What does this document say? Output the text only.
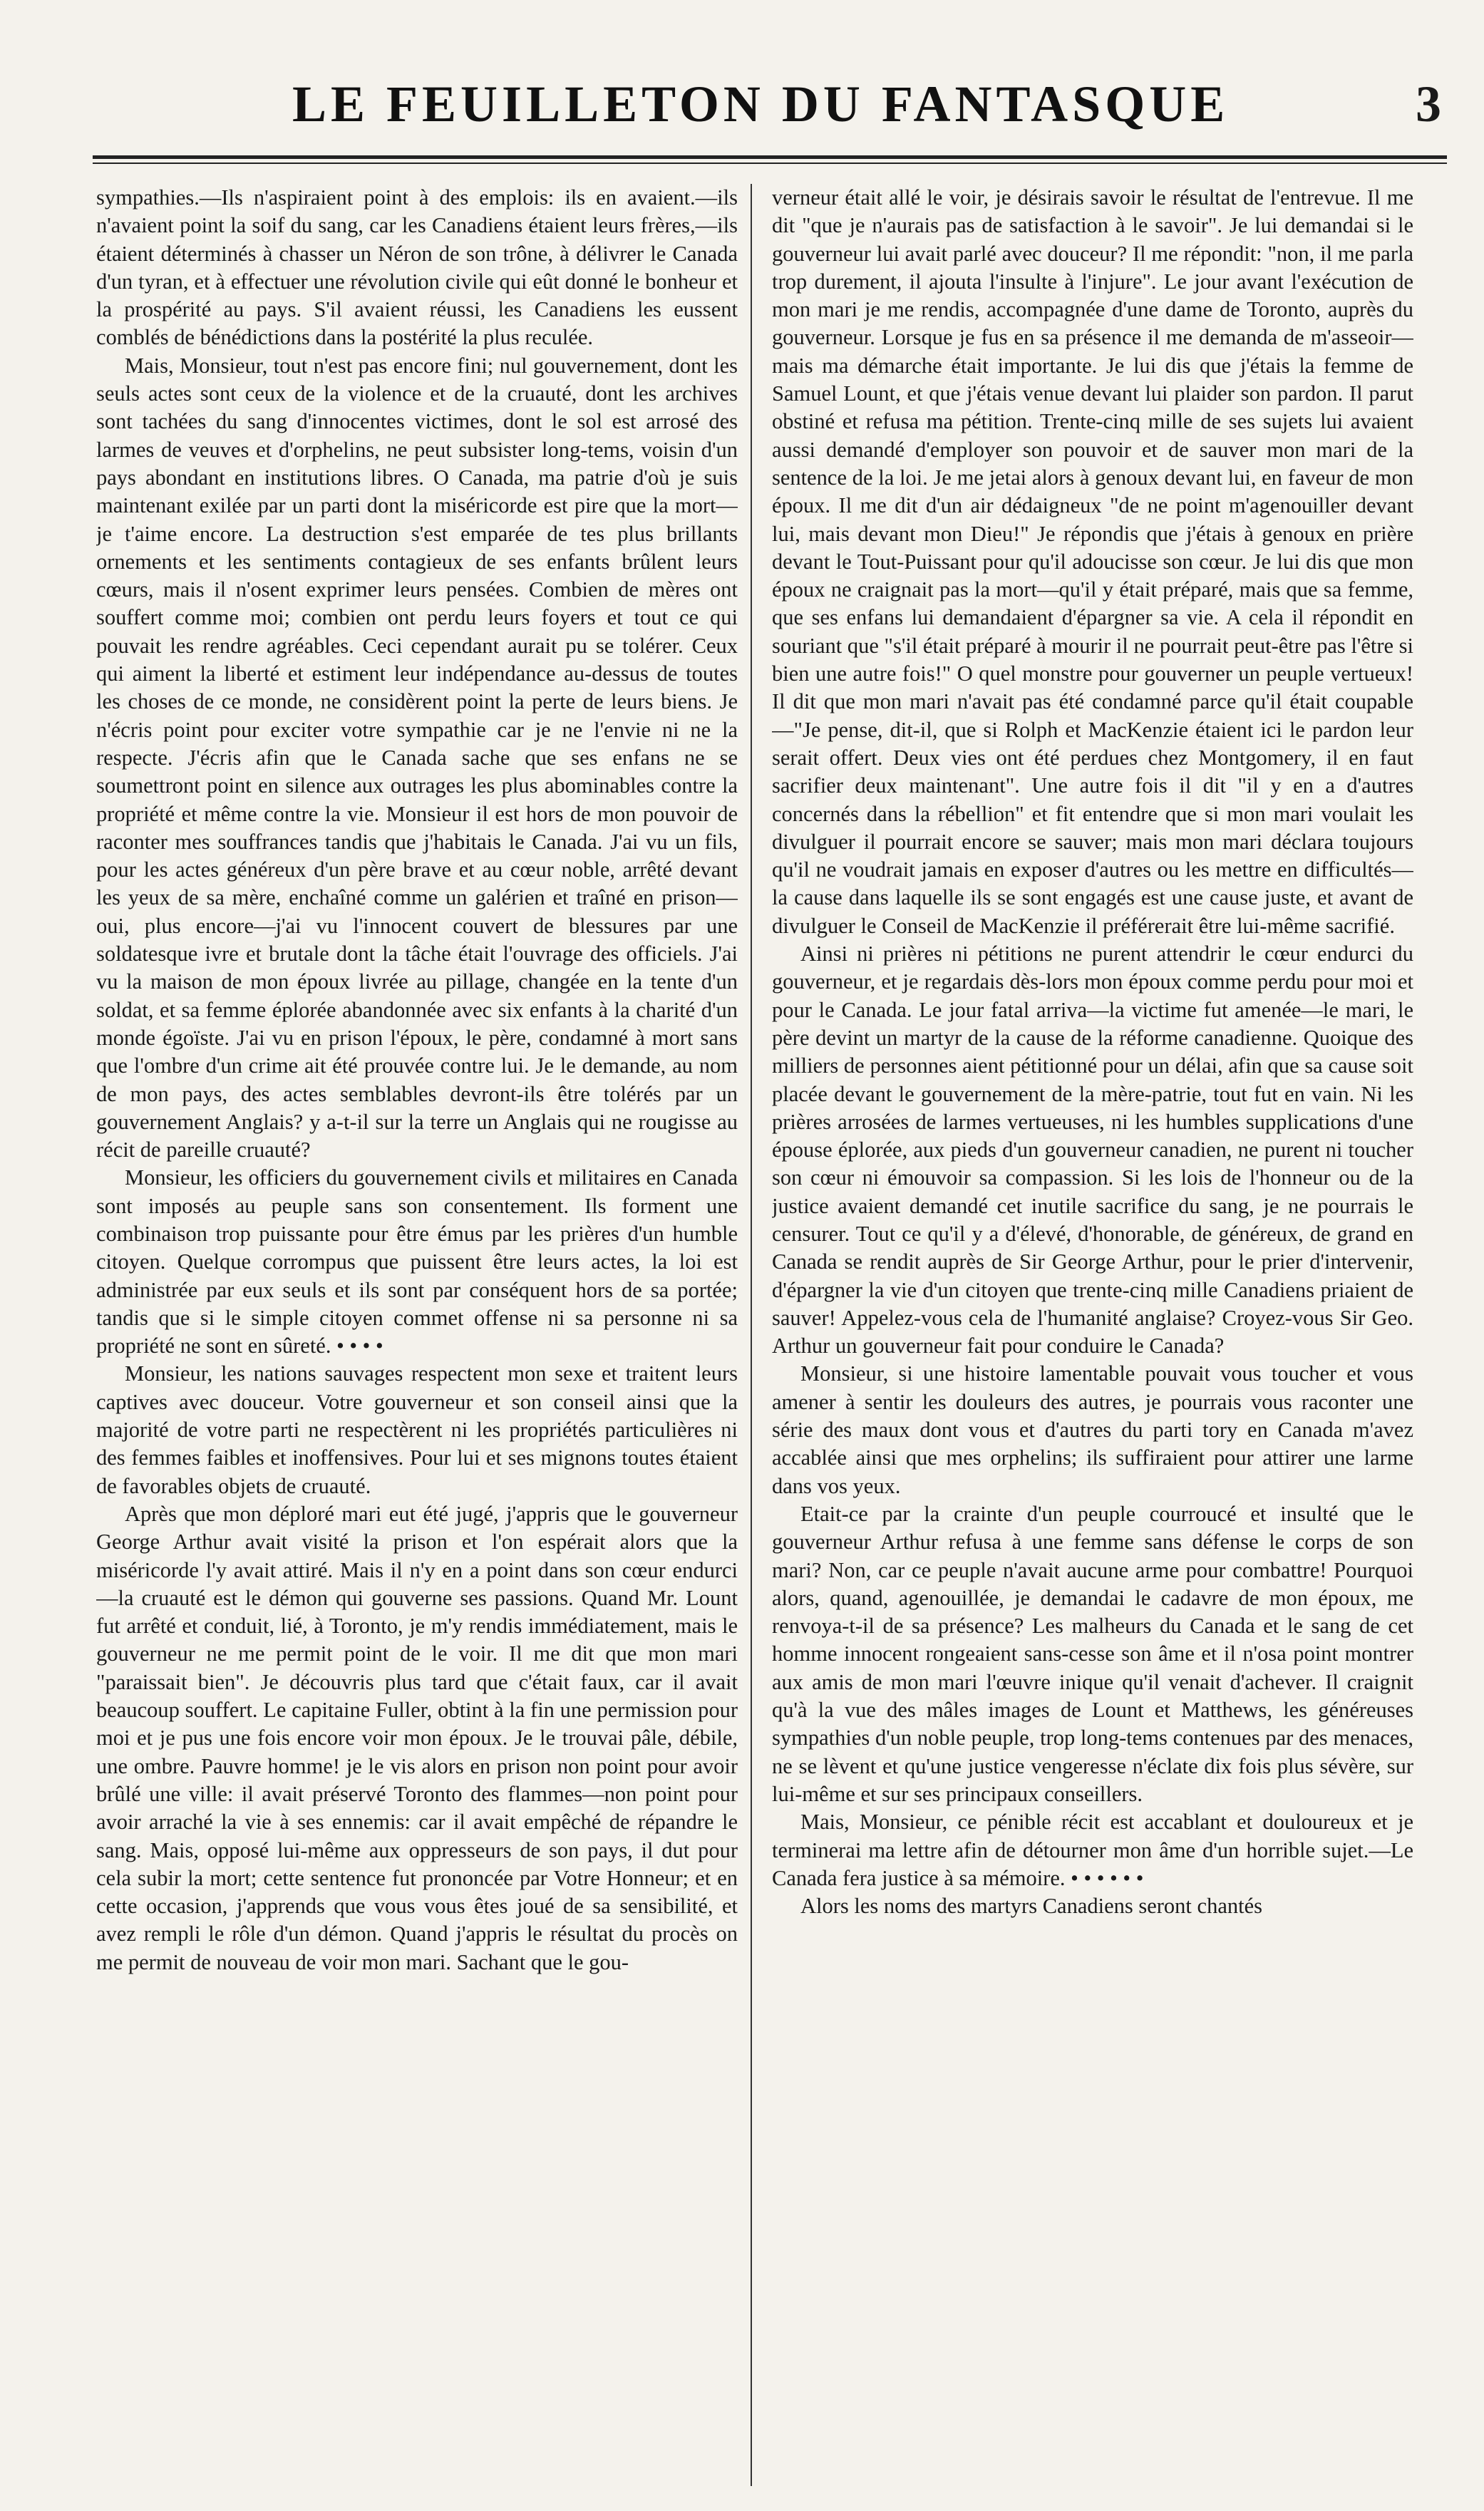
LE FEUILLETON DU FANTASQUE	3

sympathies.—Ils n'aspiraient point à des emplois: ils en avaient.—ils n'avaient point la soif du sang, car les Canadiens étaient leurs frères,—ils étaient déterminés à chasser un Néron de son trône, à délivrer le Canada d'un tyran, et à effectuer une révolution civile qui eût donné le bonheur et la prospérité au pays. S'il avaient réussi, les Canadiens les eussent comblés de bénédictions dans la postérité la plus reculée.

Mais, Monsieur, tout n'est pas encore fini; nul gouvernement, dont les seuls actes sont ceux de la violence et de la cruauté, dont les archives sont tachées du sang d'innocentes victimes, dont le sol est arrosé des larmes de veuves et d'orphelins, ne peut subsister long-tems, voisin d'un pays abondant en institutions libres. O Canada, ma patrie d'où je suis maintenant exilée par un parti dont la miséricorde est pire que la mort—je t'aime encore. La destruction s'est emparée de tes plus brillants ornements et les sentiments contagieux de ses enfants brûlent leurs cœurs, mais il n'osent exprimer leurs pensées. Combien de mères ont souffert comme moi; combien ont perdu leurs foyers et tout ce qui pouvait les rendre agréables. Ceci cependant aurait pu se tolérer. Ceux qui aiment la liberté et estiment leur indépendance au-dessus de toutes les choses de ce monde, ne considèrent point la perte de leurs biens. Je n'écris point pour exciter votre sympathie car je ne l'envie ni ne la respecte. J'écris afin que le Canada sache que ses enfans ne se soumettront point en silence aux outrages les plus abominables contre la propriété et même contre la vie. Monsieur il est hors de mon pouvoir de raconter mes souffrances tandis que j'habitais le Canada. J'ai vu un fils, pour les actes généreux d'un père brave et au cœur noble, arrêté devant les yeux de sa mère, enchaîné comme un galérien et traîné en prison—oui, plus encore—j'ai vu l'innocent couvert de blessures par une soldatesque ivre et brutale dont la tâche était l'ouvrage des officiels. J'ai vu la maison de mon époux livrée au pillage, changée en la tente d'un soldat, et sa femme éplorée abandonnée avec six enfants à la charité d'un monde égoïste. J'ai vu en prison l'époux, le père, condamné à mort sans que l'ombre d'un crime ait été prouvée contre lui. Je le demande, au nom de mon pays, des actes semblables devront-ils être tolérés par un gouvernement Anglais? y a-t-il sur la terre un Anglais qui ne rougisse au récit de pareille cruauté?

Monsieur, les officiers du gouvernement civils et militaires en Canada sont imposés au peuple sans son consentement. Ils forment une combinaison trop puissante pour être émus par les prières d'un humble citoyen. Quelque corrompus que puissent être leurs actes, la loi est administrée par eux seuls et ils sont par conséquent hors de sa portée; tandis que si le simple citoyen commet offense ni sa personne ni sa propriété ne sont en sûreté. • • • •

Monsieur, les nations sauvages respectent mon sexe et traitent leurs captives avec douceur. Votre gouverneur et son conseil ainsi que la majorité de votre parti ne respectèrent ni les propriétés particulières ni des femmes faibles et inoffensives. Pour lui et ses mignons toutes étaient de favorables objets de cruauté.

Après que mon déploré mari eut été jugé, j'appris que le gouverneur George Arthur avait visité la prison et l'on espérait alors que la miséricorde l'y avait attiré. Mais il n'y en a point dans son cœur endurci—la cruauté est le démon qui gouverne ses passions. Quand Mr. Lount fut arrêté et conduit, lié, à Toronto, je m'y rendis immédiatement, mais le gouverneur ne me permit point de le voir. Il me dit que mon mari "paraissait bien". Je découvris plus tard que c'était faux, car il avait beaucoup souffert. Le capitaine Fuller, obtint à la fin une permission pour moi et je pus une fois encore voir mon époux. Je le trouvai pâle, débile, une ombre. Pauvre homme! je le vis alors en prison non point pour avoir brûlé une ville: il avait préservé Toronto des flammes—non point pour avoir arraché la vie à ses ennemis: car il avait empêché de répandre le sang. Mais, opposé lui-même aux oppresseurs de son pays, il dut pour cela subir la mort; cette sentence fut prononcée par Votre Honneur; et en cette occasion, j'apprends que vous vous êtes joué de sa sensibilité, et avez rempli le rôle d'un démon. Quand j'appris le résultat du procès on me permit de nouveau de voir mon mari. Sachant que le gou-

verneur était allé le voir, je désirais savoir le résultat de l'entrevue. Il me dit "que je n'aurais pas de satisfaction à le savoir". Je lui demandai si le gouverneur lui avait parlé avec douceur? Il me répondit: "non, il me parla trop durement, il ajouta l'insulte à l'injure". Le jour avant l'exécution de mon mari je me rendis, accompagnée d'une dame de Toronto, auprès du gouverneur. Lorsque je fus en sa présence il me demanda de m'asseoir—mais ma démarche était importante. Je lui dis que j'étais la femme de Samuel Lount, et que j'étais venue devant lui plaider son pardon. Il parut obstiné et refusa ma pétition. Trente-cinq mille de ses sujets lui avaient aussi demandé d'employer son pouvoir et de sauver mon mari de la sentence de la loi. Je me jetai alors à genoux devant lui, en faveur de mon époux. Il me dit d'un air dédaigneux "de ne point m'agenouiller devant lui, mais devant mon Dieu!" Je répondis que j'étais à genoux en prière devant le Tout-Puissant pour qu'il adoucisse son cœur. Je lui dis que mon époux ne craignait pas la mort—qu'il y était préparé, mais que sa femme, que ses enfans lui demandaient d'épargner sa vie. A cela il répondit en souriant que "s'il était préparé à mourir il ne pourrait peut-être pas l'être si bien une autre fois!" O quel monstre pour gouverner un peuple vertueux! Il dit que mon mari n'avait pas été condamné parce qu'il était coupable—"Je pense, dit-il, que si Rolph et MacKenzie étaient ici le pardon leur serait offert. Deux vies ont été perdues chez Montgomery, il en faut sacrifier deux maintenant". Une autre fois il dit "il y en a d'autres concernés dans la rébellion" et fit entendre que si mon mari voulait les divulguer il pourrait encore se sauver; mais mon mari déclara toujours qu'il ne voudrait jamais en exposer d'autres ou les mettre en difficultés—la cause dans laquelle ils se sont engagés est une cause juste, et avant de divulguer le Conseil de MacKenzie il préférerait être lui-même sacrifié.

Ainsi ni prières ni pétitions ne purent attendrir le cœur endurci du gouverneur, et je regardais dès-lors mon époux comme perdu pour moi et pour le Canada. Le jour fatal arriva—la victime fut amenée—le mari, le père devint un martyr de la cause de la réforme canadienne. Quoique des milliers de personnes aient pétitionné pour un délai, afin que sa cause soit placée devant le gouvernement de la mère-patrie, tout fut en vain. Ni les prières arrosées de larmes vertueuses, ni les humbles supplications d'une épouse éplorée, aux pieds d'un gouverneur canadien, ne purent ni toucher son cœur ni émouvoir sa compassion. Si les lois de l'honneur ou de la justice avaient demandé cet inutile sacrifice du sang, je ne pourrais le censurer. Tout ce qu'il y a d'élevé, d'honorable, de généreux, de grand en Canada se rendit auprès de Sir George Arthur, pour le prier d'intervenir, d'épargner la vie d'un citoyen que trente-cinq mille Canadiens priaient de sauver! Appelez-vous cela de l'humanité anglaise? Croyez-vous Sir Geo. Arthur un gouverneur fait pour conduire le Canada?

Monsieur, si une histoire lamentable pouvait vous toucher et vous amener à sentir les douleurs des autres, je pourrais vous raconter une série des maux dont vous et d'autres du parti tory en Canada m'avez accablée ainsi que mes orphelins; ils suffiraient pour attirer une larme dans vos yeux.

Etait-ce par la crainte d'un peuple courroucé et insulté que le gouverneur Arthur refusa à une femme sans défense le corps de son mari? Non, car ce peuple n'avait aucune arme pour combattre! Pourquoi alors, quand, agenouillée, je demandai le cadavre de mon époux, me renvoya-t-il de sa présence? Les malheurs du Canada et le sang de cet homme innocent rongeaient sans-cesse son âme et il n'osa point montrer aux amis de mon mari l'œuvre inique qu'il venait d'achever. Il craignit qu'à la vue des mâles images de Lount et Matthews, les généreuses sympathies d'un noble peuple, trop long-tems contenues par des menaces, ne se lèvent et qu'une justice vengeresse n'éclate dix fois plus sévère, sur lui-même et sur ses principaux conseillers.

Mais, Monsieur, ce pénible récit est accablant et douloureux et je terminerai ma lettre afin de détourner mon âme d'un horrible sujet.—Le Canada fera justice à sa mémoire. • • • • • •

Alors les noms des martyrs Canadiens seront chantés
